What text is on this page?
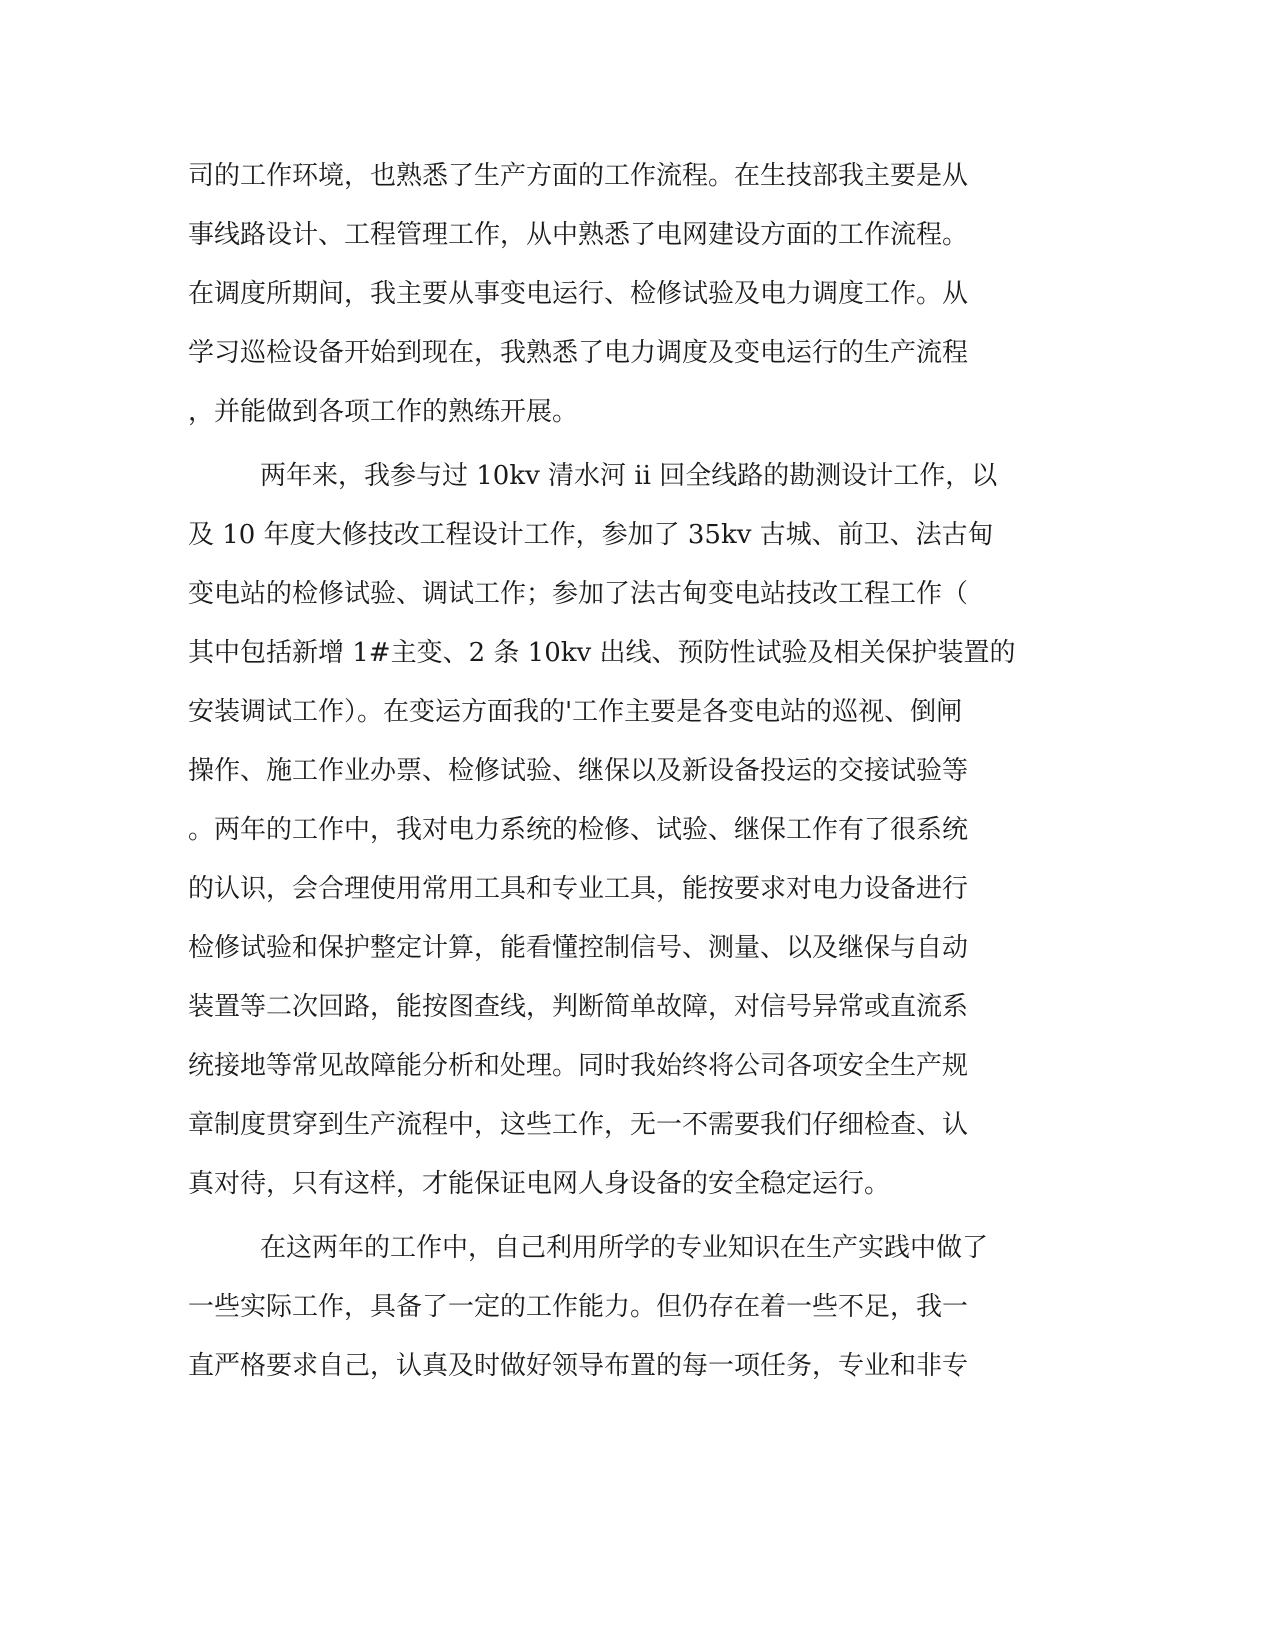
司的工作环境，也熟悉了生产方面的工作流程。在生技部我主要是从
事线路设计、工程管理工作，从中熟悉了电网建设方面的工作流程。
在调度所期间，我主要从事变电运行、检修试验及电力调度工作。从
学习巡检设备开始到现在，我熟悉了电力调度及变电运行的生产流程
，并能做到各项工作的熟练开展。
两年来，我参与过 10kv 清水河 ii 回全线路的勘测设计工作，以
及 10 年度大修技改工程设计工作，参加了 35kv 古城、前卫、法古甸
变电站的检修试验、调试工作；参加了法古甸变电站技改工程工作（
其中包括新增 1#主变、2 条 10kv 出线、预防性试验及相关保护装置的
安装调试工作）。在变运方面我的'工作主要是各变电站的巡视、倒闸
操作、施工作业办票、检修试验、继保以及新设备投运的交接试验等
。两年的工作中，我对电力系统的检修、试验、继保工作有了很系统
的认识，会合理使用常用工具和专业工具，能按要求对电力设备进行
检修试验和保护整定计算，能看懂控制信号、测量、以及继保与自动
装置等二次回路，能按图查线，判断简单故障，对信号异常或直流系
统接地等常见故障能分析和处理。同时我始终将公司各项安全生产规
章制度贯穿到生产流程中，这些工作，无一不需要我们仔细检查、认
真对待，只有这样，才能保证电网人身设备的安全稳定运行。
在这两年的工作中，自己利用所学的专业知识在生产实践中做了
一些实际工作，具备了一定的工作能力。但仍存在着一些不足，我一
直严格要求自己，认真及时做好领导布置的每一项任务，专业和非专
